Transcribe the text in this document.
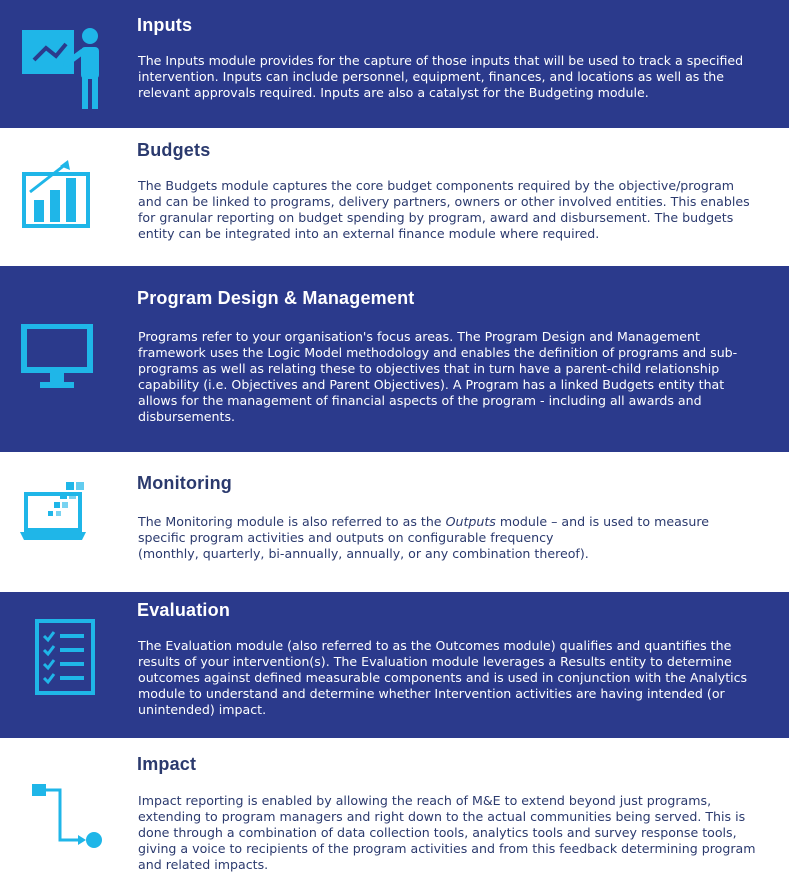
Inputs
The Inputs module provides for the capture of those inputs that will be used to track a specified intervention. Inputs can include personnel, equipment, finances, and locations as well as the relevant approvals required. Inputs are also a catalyst for the Budgeting module.
Budgets
The Budgets module captures the core budget components required by the objective/program and can be linked to programs, delivery partners, owners or other involved entities. This enables for granular reporting on budget spending by program, award and disbursement. The budgets entity can be integrated into an external finance module where required.
Program Design & Management
Programs refer to your organisation's focus areas. The Program Design and Management framework uses the Logic Model methodology and enables the definition of programs and sub-programs as well as relating these to objectives that in turn have a parent-child relationship capability (i.e. Objectives and Parent Objectives). A Program has a linked Budgets entity that allows for the management of financial aspects of the program - including all awards and disbursements.
Monitoring
The Monitoring module is also referred to as the Outputs module – and is used to measure specific program activities and outputs on configurable frequency
(monthly, quarterly, bi-annually, annually, or any combination thereof).
Evaluation
The Evaluation module (also referred to as the Outcomes module) qualifies and quantifies the results of your intervention(s). The Evaluation module leverages a Results entity to determine outcomes against defined measurable components and is used in conjunction with the Analytics module to understand and determine whether Intervention activities are having intended (or unintended) impact.
Impact
Impact reporting is enabled by allowing the reach of M&E to extend beyond just programs, extending to program managers and right down to the actual communities being served. This is done through a combination of data collection tools, analytics tools and survey response tools, giving a voice to recipients of the program activities and from this feedback determining program and related impacts.
